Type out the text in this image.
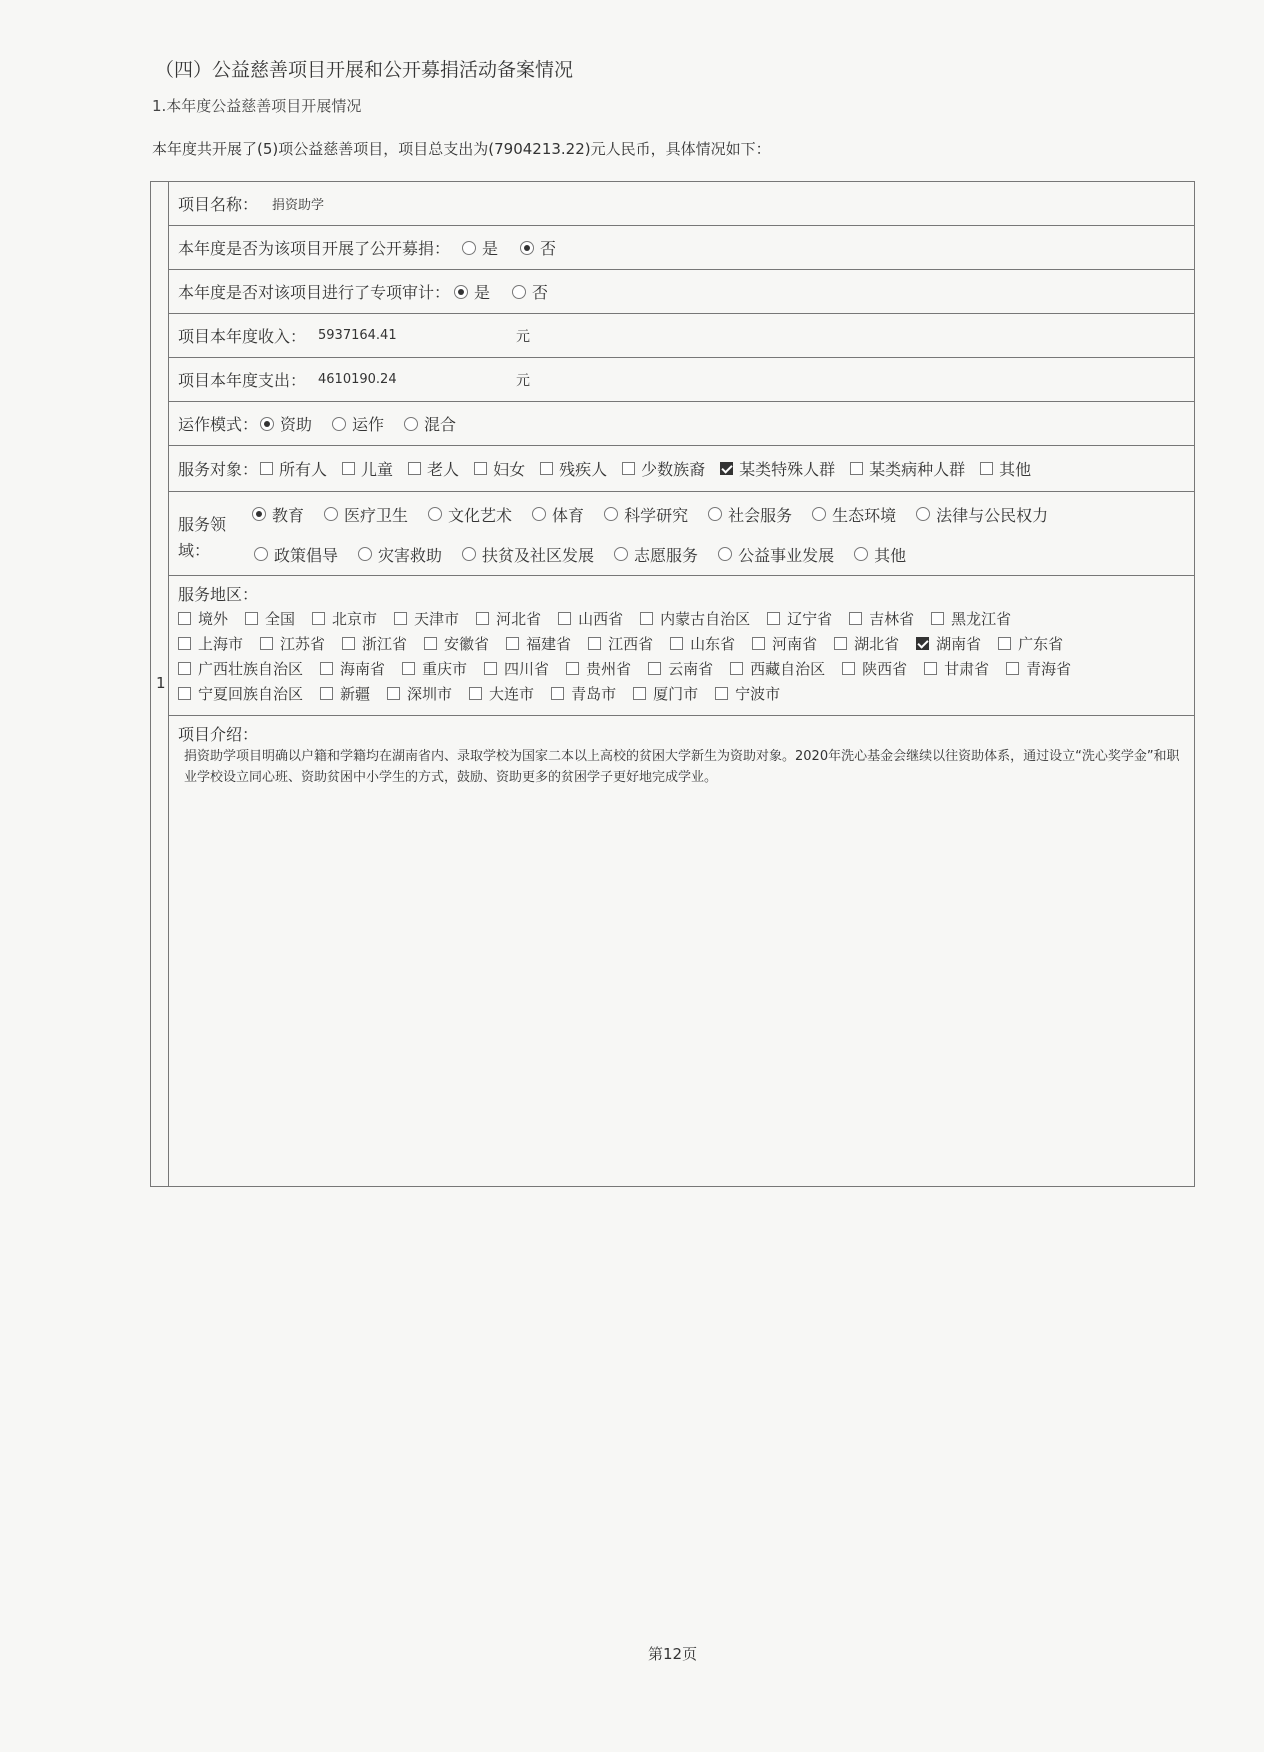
（四）公益慈善项目开展和公开募捐活动备案情况
1.本年度公益慈善项目开展情况
本年度共开展了(5)项公益慈善项目，项目总支出为(7904213.22)元人民币，具体情况如下：
1
项目名称： 捐资助学
本年度是否为该项目开展了公开募捐： 是	否
本年度是否对该项目进行了专项审计： 是	否
项目本年度收入： 5937164.41	元
项目本年度支出： 4610190.24	元
运作模式： 资助	运作	混合
服务对象： 所有人 儿童 老人 妇女 残疾人 少数族裔 某类特殊人群 某类病种人群 其他
服务领域：
教育	医疗卫生	文化艺术	体育	科学研究	社会服务	生态环境	法律与公民权力
政策倡导	灾害救助	扶贫及社区发展	志愿服务	公益事业发展	其他
服务地区：
境外 全国 北京市 天津市 河北省 山西省 内蒙古自治区 辽宁省 吉林省 黑龙江省
上海市 江苏省 浙江省 安徽省 福建省 江西省 山东省 河南省 湖北省 湖南省 广东省
广西壮族自治区 海南省 重庆市 四川省 贵州省 云南省 西藏自治区 陕西省 甘肃省 青海省
宁夏回族自治区 新疆 深圳市 大连市 青岛市 厦门市 宁波市
项目介绍：
捐资助学项目明确以户籍和学籍均在湖南省内、录取学校为国家二本以上高校的贫困大学新生为资助对象。2020年洗心基金会继续以往资助体系，通过设立“洗心奖学金”和职业学校设立同心班、资助贫困中小学生的方式，鼓励、资助更多的贫困学子更好地完成学业。
第12页
